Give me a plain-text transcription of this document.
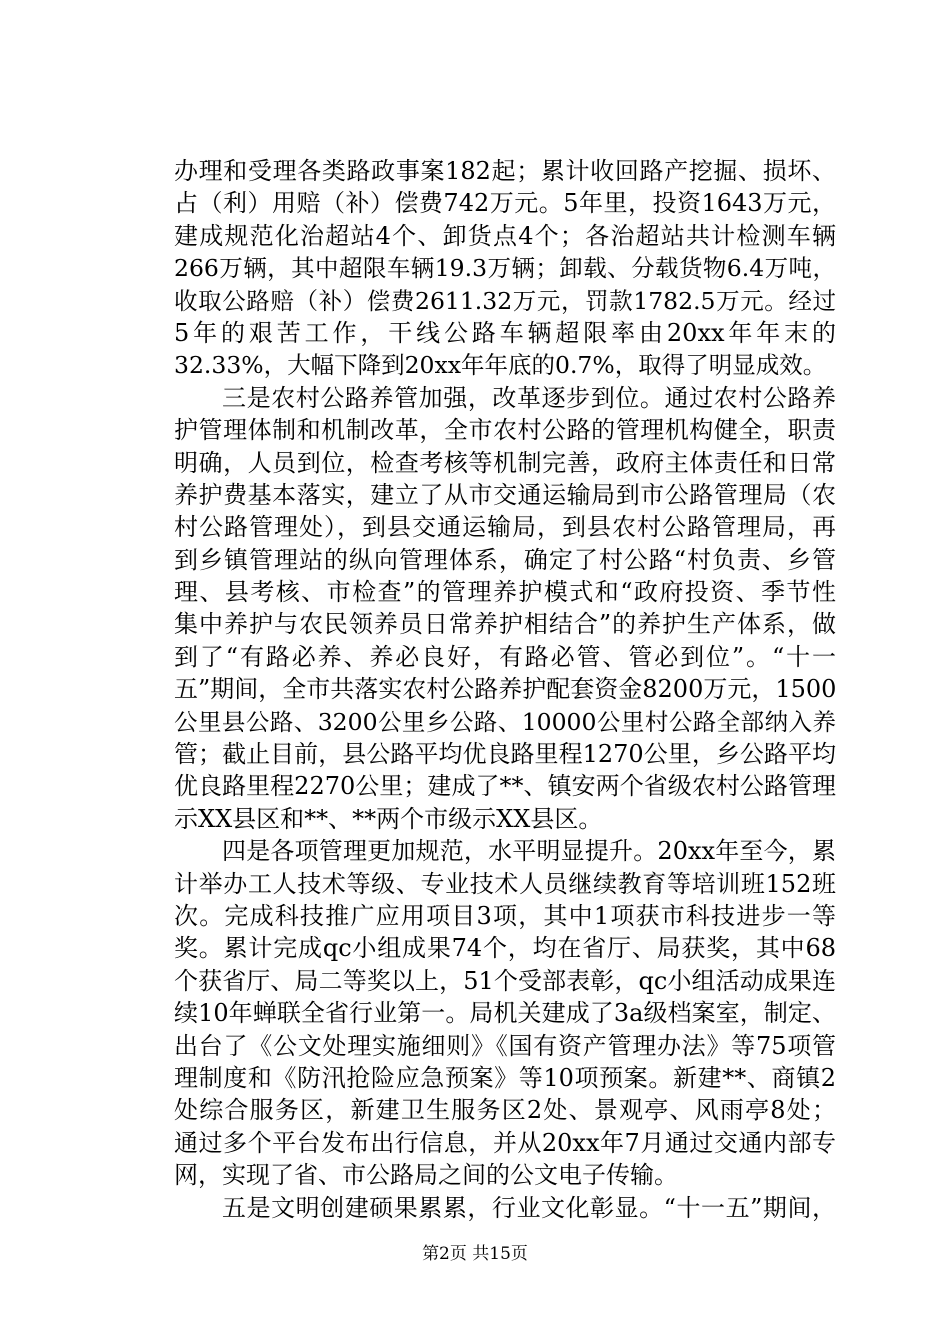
办理和受理各类路政事案182起；累计收回路产挖掘、损坏、
占（利）用赔（补）偿费742万元。5年里，投资1643万元，
建成规范化治超站4个、卸货点4个；各治超站共计检测车辆
266万辆，其中超限车辆19.3万辆；卸载、分载货物6.4万吨，
收取公路赔（补）偿费2611.32万元，罚款1782.5万元。经过
5年的艰苦工作，干线公路车辆超限率由20xx年年末的
32.33%，大幅下降到20xx年年底的0.7%，取得了明显成效。
三是农村公路养管加强，改革逐步到位。通过农村公路养
护管理体制和机制改革，全市农村公路的管理机构健全，职责
明确，人员到位，检查考核等机制完善，政府主体责任和日常
养护费基本落实，建立了从市交通运输局到市公路管理局（农
村公路管理处），到县交通运输局，到县农村公路管理局，再
到乡镇管理站的纵向管理体系，确定了村公路“村负责、乡管
理、县考核、市检查”的管理养护模式和“政府投资、季节性
集中养护与农民领养员日常养护相结合”的养护生产体系，做
到了“有路必养、养必良好，有路必管、管必到位”。“十一
五”期间，全市共落实农村公路养护配套资金8200万元，1500
公里县公路、3200公里乡公路、10000公里村公路全部纳入养
管；截止目前，县公路平均优良路里程1270公里，乡公路平均
优良路里程2270公里；建成了**、镇安两个省级农村公路管理
示XX县区和**、**两个市级示XX县区。
四是各项管理更加规范，水平明显提升。20xx年至今，累
计举办工人技术等级、专业技术人员继续教育等培训班152班
次。完成科技推广应用项目3项，其中1项获市科技进步一等
奖。累计完成qc小组成果74个，均在省厅、局获奖，其中68
个获省厅、局二等奖以上，51个受部表彰，qc小组活动成果连
续10年蝉联全省行业第一。局机关建成了3a级档案室，制定、
出台了《公文处理实施细则》《国有资产管理办法》等75项管
理制度和《防汛抢险应急预案》等10项预案。新建**、商镇2
处综合服务区，新建卫生服务区2处、景观亭、风雨亭8处；
通过多个平台发布出行信息，并从20xx年7月通过交通内部专
网，实现了省、市公路局之间的公文电子传输。
五是文明创建硕果累累，行业文化彰显。“十一五”期间，
第2页 共15页
